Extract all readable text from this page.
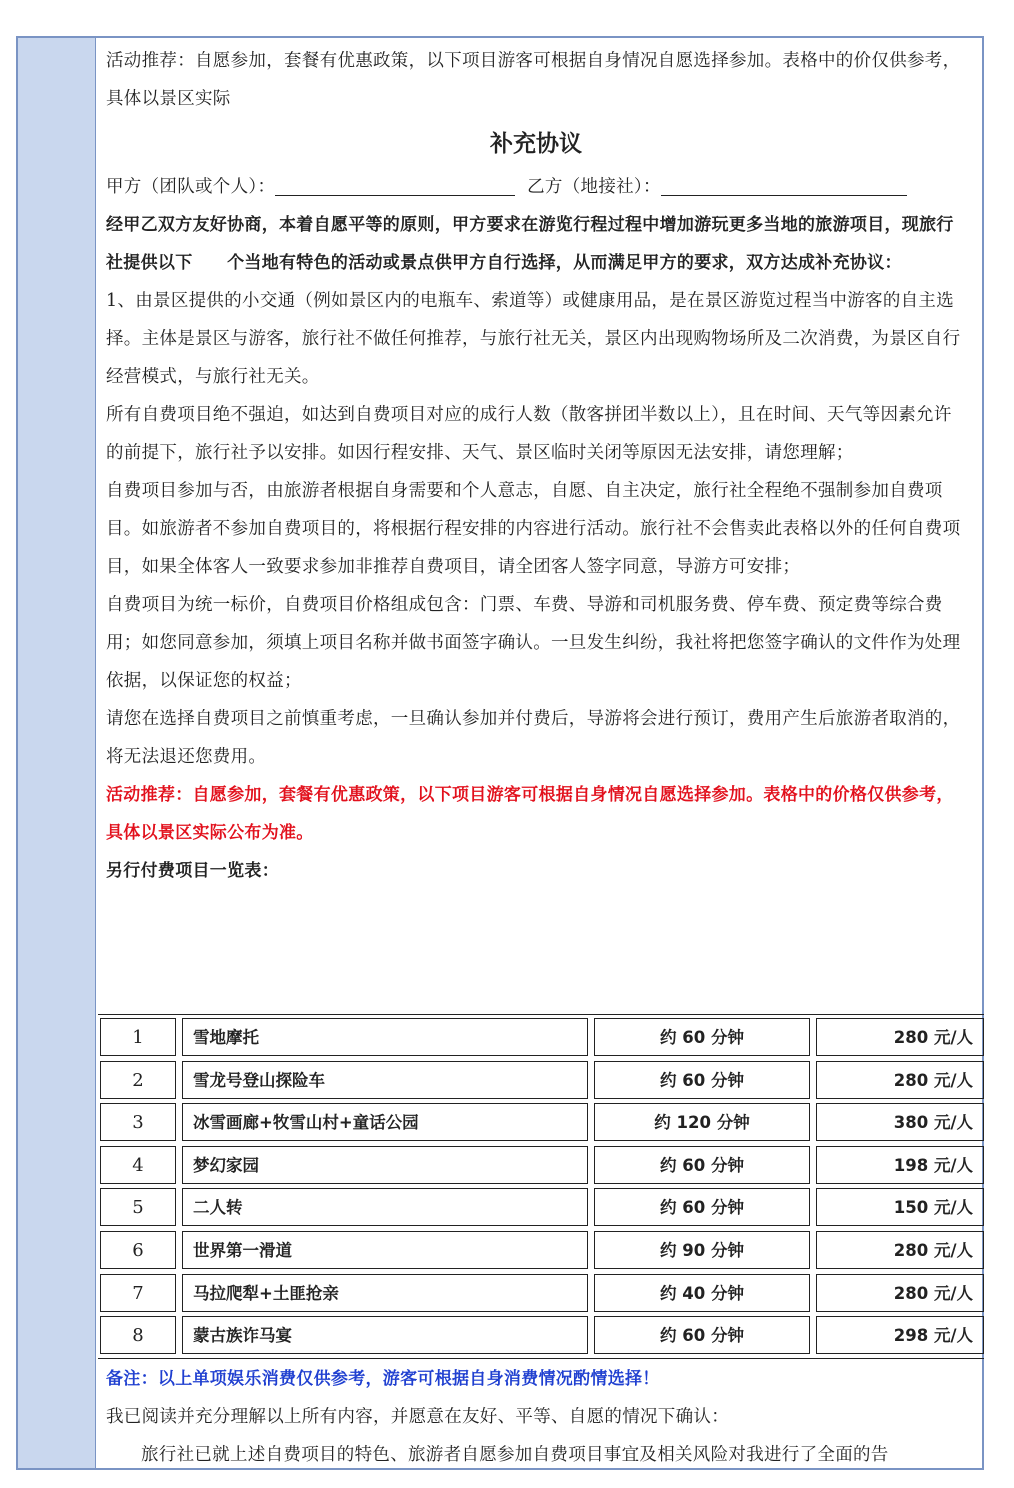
活动推荐：自愿参加，套餐有优惠政策，以下项目游客可根据自身情况自愿选择参加。表格中的价仅供参考，具体以景区实际

补充协议

甲方（团队或个人）：	乙方（地接社）：

经甲乙双方友好协商，本着自愿平等的原则，甲方要求在游览行程过程中增加游玩更多当地的旅游项目，现旅行社提供以下　　个当地有特色的活动或景点供甲方自行选择，从而满足甲方的要求，双方达成补充协议：

1、由景区提供的小交通（例如景区内的电瓶车、索道等）或健康用品，是在景区游览过程当中游客的自主选择。主体是景区与游客，旅行社不做任何推荐，与旅行社无关，景区内出现购物场所及二次消费，为景区自行经营模式，与旅行社无关。

所有自费项目绝不强迫，如达到自费项目对应的成行人数（散客拼团半数以上），且在时间、天气等因素允许的前提下，旅行社予以安排。如因行程安排、天气、景区临时关闭等原因无法安排，请您理解；

自费项目参加与否，由旅游者根据自身需要和个人意志，自愿、自主决定，旅行社全程绝不强制参加自费项目。如旅游者不参加自费项目的，将根据行程安排的内容进行活动。旅行社不会售卖此表格以外的任何自费项目，如果全体客人一致要求参加非推荐自费项目，请全团客人签字同意，导游方可安排；

自费项目为统一标价，自费项目价格组成包含：门票、车费、导游和司机服务费、停车费、预定费等综合费用；如您同意参加，须填上项目名称并做书面签字确认。一旦发生纠纷，我社将把您签字确认的文件作为处理依据，以保证您的权益；

请您在选择自费项目之前慎重考虑，一旦确认参加并付费后，导游将会进行预订，费用产生后旅游者取消的，将无法退还您费用。

活动推荐：自愿参加，套餐有优惠政策，以下项目游客可根据自身情况自愿选择参加。表格中的价格仅供参考，具体以景区实际公布为准。

另行付费项目一览表：

1	雪地摩托	约 60 分钟	280 元/人
2	雪龙号登山探险车	约 60 分钟	280 元/人
3	冰雪画廊+牧雪山村+童话公园	约 120 分钟	380 元/人
4	梦幻家园	约 60 分钟	198 元/人
5	二人转	约 60 分钟	150 元/人
6	世界第一滑道	约 90 分钟	280 元/人
7	马拉爬犁+土匪抢亲	约 40 分钟	280 元/人
8	蒙古族诈马宴	约 60 分钟	298 元/人

备注：以上单项娱乐消费仅供参考，游客可根据自身消费情况酌情选择！

我已阅读并充分理解以上所有内容，并愿意在友好、平等、自愿的情况下确认：

旅行社已就上述自费项目的特色、旅游者自愿参加自费项目事宜及相关风险对我进行了全面的告
